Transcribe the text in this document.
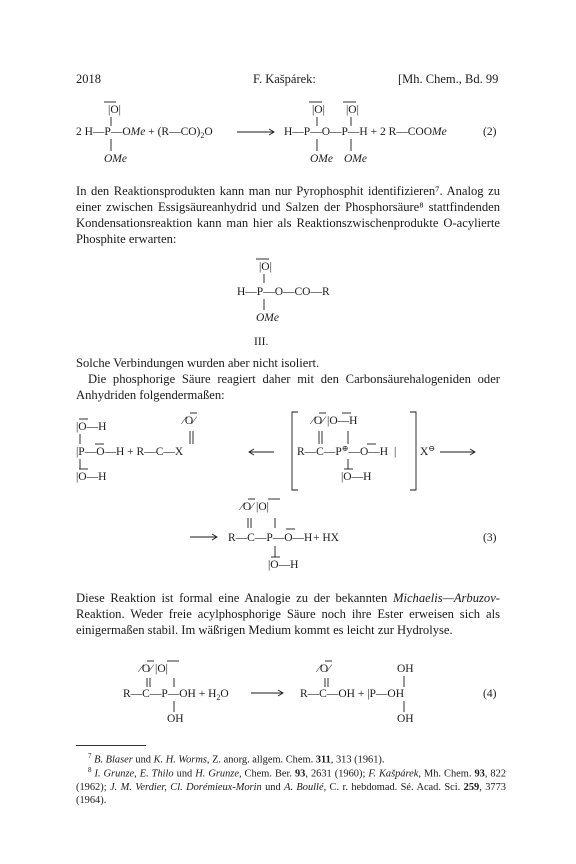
2018	F. Kašpárek:	[Mh. Chem., Bd. 99
|O|
2 H—P—OMe + $(R—CO)_2O$
OMe
|O| |O|
H—P—O—P—H + 2 R—COOMe
OMe OMe
(2)
|O|
H—P—O—CO—R
OMe
III.
|O—H
|P—O—H + R—C—X
|O—H
⁄O⁄	⁄O⁄ |O—H
R—C—P⊕—O—H |
|O—H
X⊖
⁄O⁄ |O|
R—C—P—O—H + HX
|O—H
(3)
⁄O⁄ |O|
R—C—P—OH + $H_2O$
OH
⁄O⁄
R—C—OH + |P—OH
OH
OH
(4)
In den Reaktionsprodukten kann man nur Pyrophosphit identifizieren⁷. Analog zu einer zwischen Essigsäureanhydrid und Salzen der Phosphorsäure⁸ stattfindenden Kondensationsreaktion kann man hier als Reaktionszwischenprodukte O-acylierte Phosphite erwarten:
Solche Verbindungen wurden aber nicht isoliert.
Die phosphorige Säure reagiert daher mit den Carbonsäurehalogeniden oder Anhydriden folgendermaßen:
Diese Reaktion ist formal eine Analogie zu der bekannten Michaelis—Arbuzov-Reaktion. Weder freie acylphosphorige Säure noch ihre Ester erweisen sich als einigermaßen stabil. Im wäßrigen Medium kommt es leicht zur Hydrolyse.
$^7$ B. Blaser und K. H. Worms, Z. anorg. allgem. Chem. 311, 313 (1961).
$^8$ I. Grunze, E. Thilo und H. Grunze, Chem. Ber. 93, 2631 (1960); F. Kašpárek, Mh. Chem. 93, 822 (1962); J. M. Verdier, Cl. Dorémieux-Morin und A. Boullé, C. r. hebdomad. Sé. Acad. Sci. 259, 3773 (1964).
